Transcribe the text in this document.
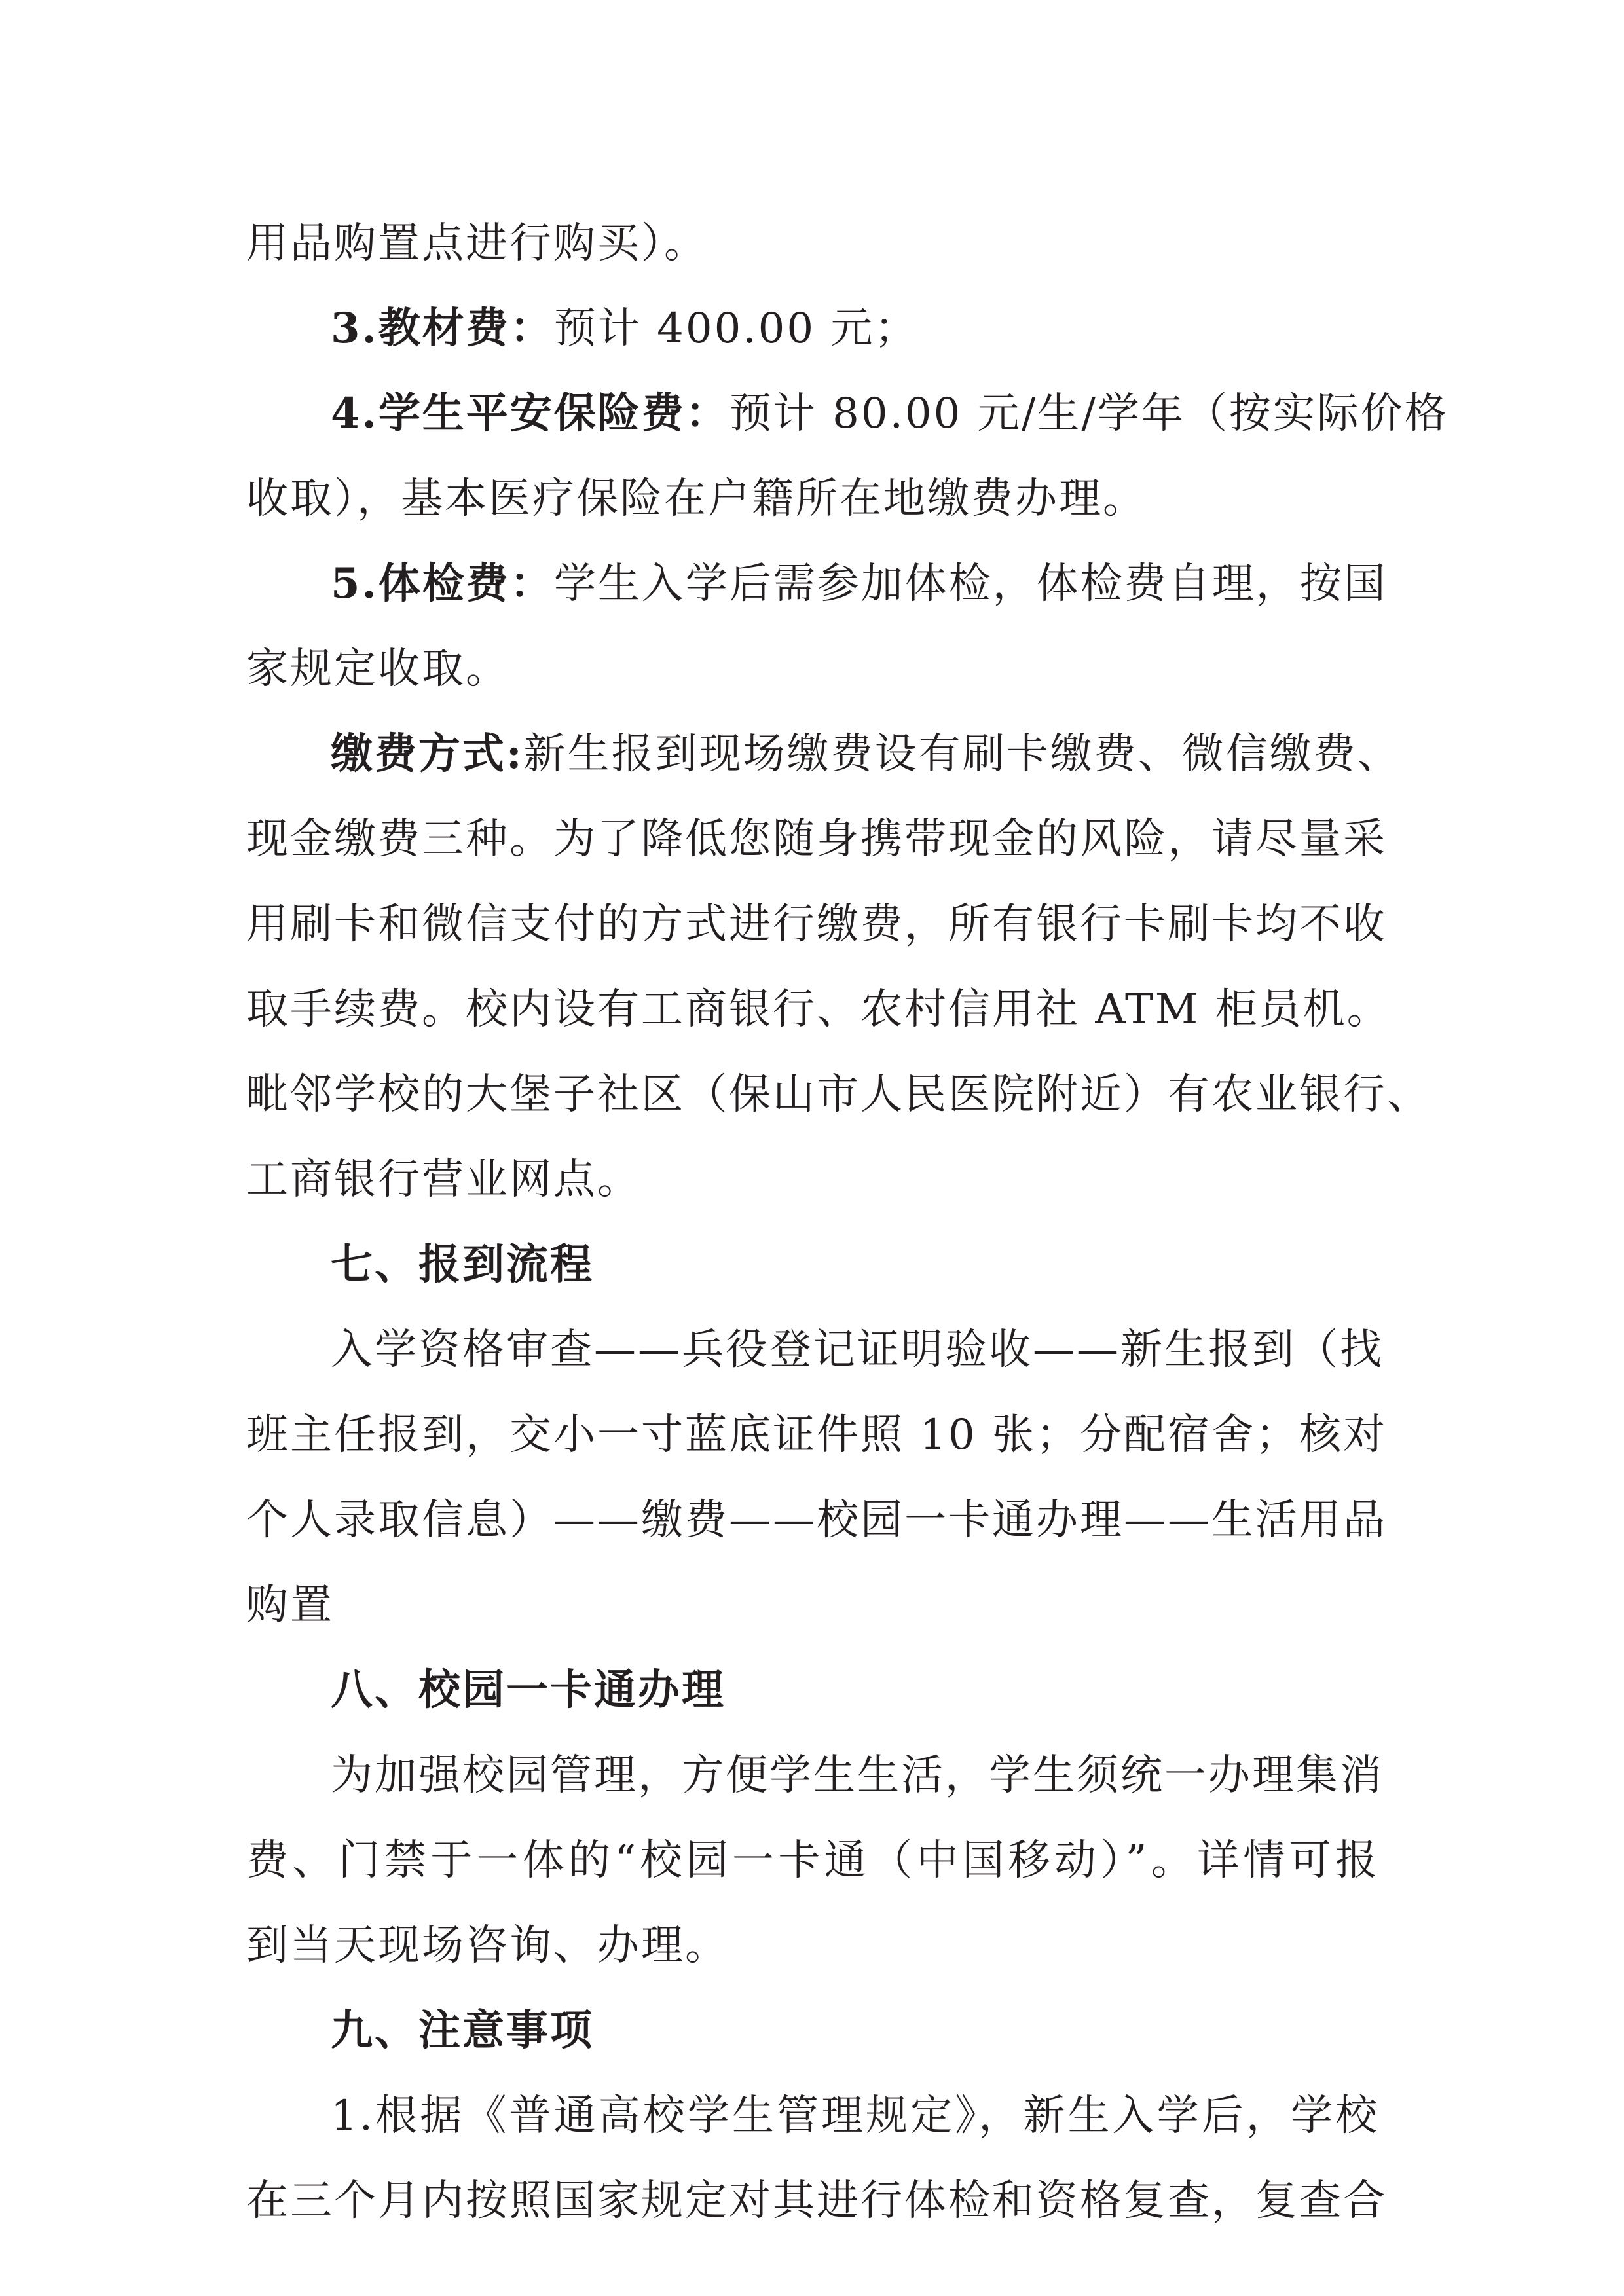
用品购置点进行购买）。
3.教材费：预计 400.00 元；
4.学生平安保险费：预计 80.00 元/生/学年（按实际价格
收取），基本医疗保险在户籍所在地缴费办理。
5.体检费：学生入学后需参加体检，体检费自理，按国
家规定收取。
缴费方式:新生报到现场缴费设有刷卡缴费、微信缴费、
现金缴费三种。为了降低您随身携带现金的风险，请尽量采
用刷卡和微信支付的方式进行缴费，所有银行卡刷卡均不收
取手续费。校内设有工商银行、农村信用社 ATM 柜员机。
毗邻学校的大堡子社区（保山市人民医院附近）有农业银行、
工商银行营业网点。
七、报到流程
入学资格审查——兵役登记证明验收——新生报到（找
班主任报到，交小一寸蓝底证件照 10 张；分配宿舍；核对
个人录取信息）——缴费——校园一卡通办理——生活用品
购置
八、校园一卡通办理
为加强校园管理，方便学生生活，学生须统一办理集消
费、门禁于一体的“校园一卡通（中国移动）”。详情可报
到当天现场咨询、办理。
九、注意事项
1.根据《普通高校学生管理规定》，新生入学后，学校
在三个月内按照国家规定对其进行体检和资格复查，复查合
